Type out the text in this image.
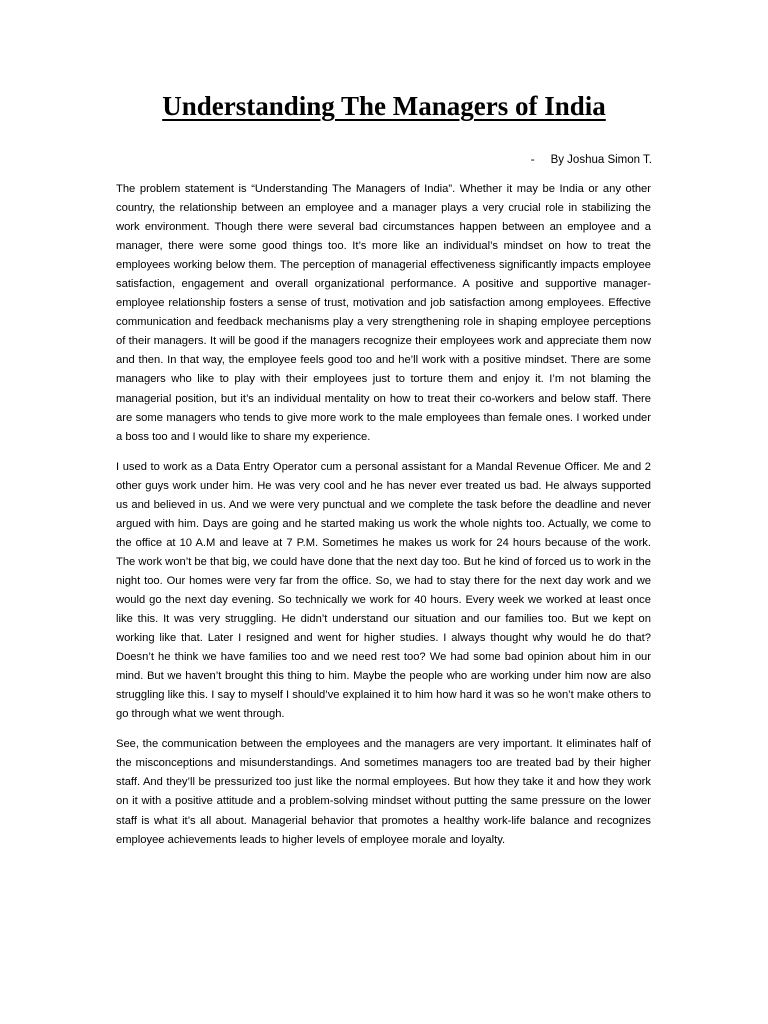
Understanding The Managers of India
- By Joshua Simon T.

The problem statement is “Understanding The Managers of India”. Whether it may be India or any other country, the relationship between an employee and a manager plays a very crucial role in stabilizing the work environment. Though there were several bad circumstances happen between an employee and a manager, there were some good things too. It’s more like an individual’s mindset on how to treat the employees working below them. The perception of managerial effectiveness significantly impacts employee satisfaction, engagement and overall organizational performance. A positive and supportive manager-employee relationship fosters a sense of trust, motivation and job satisfaction among employees. Effective communication and feedback mechanisms play a very strengthening role in shaping employee perceptions of their managers. It will be good if the managers recognize their employees work and appreciate them now and then. In that way, the employee feels good too and he’ll work with a positive mindset. There are some managers who like to play with their employees just to torture them and enjoy it. I’m not blaming the managerial position, but it’s an individual mentality on how to treat their co-workers and below staff. There are some managers who tends to give more work to the male employees than female ones. I worked under a boss too and I would like to share my experience.

I used to work as a Data Entry Operator cum a personal assistant for a Mandal Revenue Officer. Me and 2 other guys work under him. He was very cool and he has never ever treated us bad. He always supported us and believed in us. And we were very punctual and we complete the task before the deadline and never argued with him. Days are going and he started making us work the whole nights too. Actually, we come to the office at 10 A.M and leave at 7 P.M. Sometimes he makes us work for 24 hours because of the work. The work won’t be that big, we could have done that the next day too. But he kind of forced us to work in the night too. Our homes were very far from the office. So, we had to stay there for the next day work and we would go the next day evening. So technically we work for 40 hours. Every week we worked at least once like this. It was very struggling. He didn’t understand our situation and our families too. But we kept on working like that. Later I resigned and went for higher studies. I always thought why would he do that? Doesn’t he think we have families too and we need rest too? We had some bad opinion about him in our mind. But we haven’t brought this thing to him. Maybe the people who are working under him now are also struggling like this. I say to myself I should’ve explained it to him how hard it was so he won’t make others to go through what we went through.

See, the communication between the employees and the managers are very important. It eliminates half of the misconceptions and misunderstandings. And sometimes managers too are treated bad by their higher staff. And they’ll be pressurized too just like the normal employees. But how they take it and how they work on it with a positive attitude and a problem-solving mindset without putting the same pressure on the lower staff is what it’s all about. Managerial behavior that promotes a healthy work-life balance and recognizes employee achievements leads to higher levels of employee morale and loyalty.
